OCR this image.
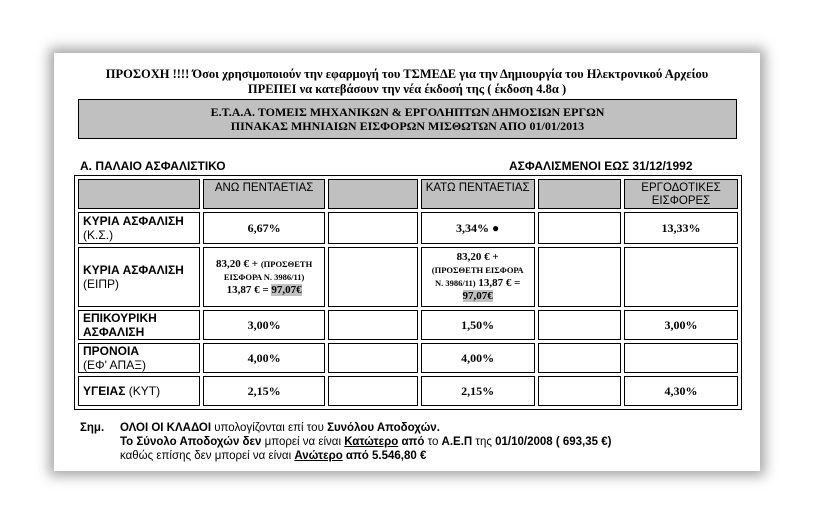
ΠΡΟΣΟΧΗ !!!! Όσοι χρησιμοποιούν την εφαρμογή του ΤΣΜΕΔΕ για την Δημιουργία του Ηλεκτρονικού Αρχείου
ΠΡΕΠΕΙ να κατεβάσουν την νέα έκδοσή της ( έκδοση 4.8α )
Ε.Τ.Α.Α. ΤΟΜΕΙΣ ΜΗΧΑΝΙΚΩΝ & ΕΡΓΟΛΗΠΤΩΝ ΔΗΜΟΣΙΩΝ ΕΡΓΩΝ
ΠΙΝΑΚΑΣ ΜΗΝΙΑΙΩΝ ΕΙΣΦΟΡΩΝ ΜΙΣΘΩΤΩΝ ΑΠΟ 01/01/2013
Α. ΠΑΛΑΙΟ ΑΣΦΑΛΙΣΤΙΚΟ	ΑΣΦΑΛΙΣΜΕΝΟΙ ΕΩΣ 31/12/1992
	ΑΝΩ ΠΕΝΤΑΕΤΙΑΣ		ΚΑΤΩ ΠΕΝΤΑΕΤΙΑΣ		ΕΡΓΟΔΟΤΙΚΕΣ ΕΙΣΦΟΡΕΣ
ΚΥΡΙΑ ΑΣΦΑΛΙΣΗ
(Κ.Σ.)	6,67%		3,34% ●		13,33%
ΚΥΡΙΑ ΑΣΦΑΛΙΣΗ
(ΕΙΠΡ)	83,20 € + (ΠΡΟΣΘΕΤΗ
ΕΙΣΦΟΡΑ Ν. 3986/11)
13,87 € = 97,07€		83,20 € +
(ΠΡΟΣΘΕΤΗ ΕΙΣΦΟΡΑ
Ν. 3986/11) 13,87 € =
97,07€		

ΕΠΙΚΟΥΡΙΚΗ
ΑΣΦΑΛΙΣΗ	3,00%		1,50%		3,00%
ΠΡΟΝΟΙΑ
(ΕΦ' ΑΠΑΞ)	4,00%		4,00%		
ΥΓΕΙΑΣ (ΚΥΤ)	2,15%		2,15%		4,30%
Σημ. ΟΛΟΙ ΟΙ ΚΛΑΔΟΙ υπολογίζονται επί του Συνόλου Αποδοχών.
Το Σύνολο Αποδοχών δεν μπορεί να είναι Κατώτερο από το Α.Ε.Π της 01/10/2008 ( 693,35 €)
καθώς επίσης δεν μπορεί να είναι Ανώτερο από 5.546,80 €
